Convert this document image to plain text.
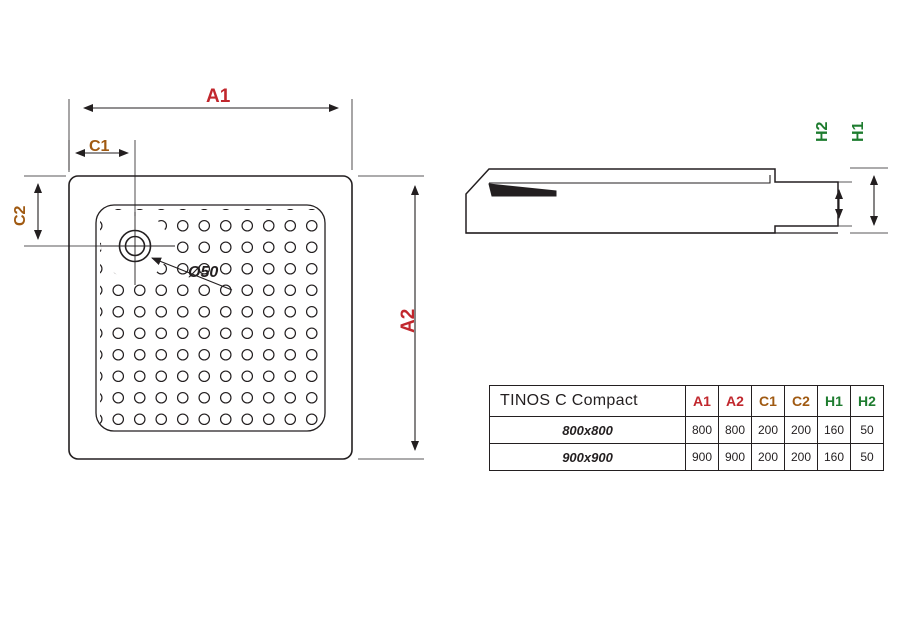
A1
C1
C2
A2
H2 H1
Ø50
TINOS C Compact	A1	A2	C1	C2	H1	H2
800x800	800	800	200	200	160	50
900x900	900	900	200	200	160	50
